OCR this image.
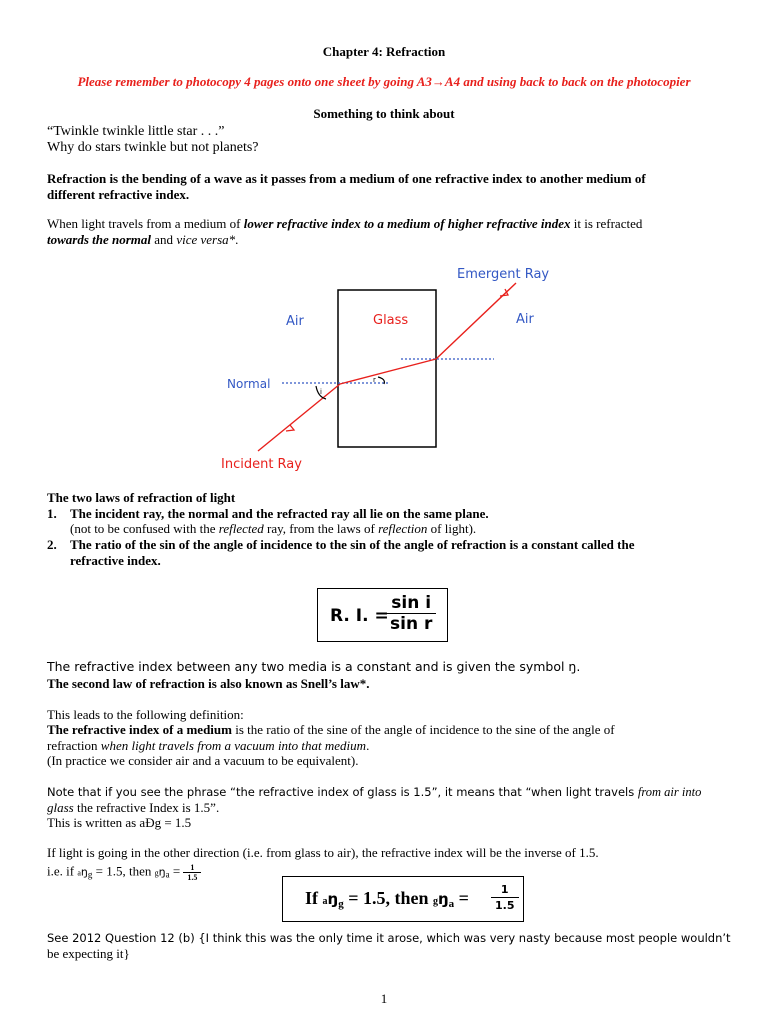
Chapter 4: Refraction
Please remember to photocopy 4 pages onto one sheet by going A3→A4 and using back to back on the photocopier
Something to think about
“Twinkle twinkle little star . . .”
Why do stars twinkle but not planets?
Refraction is the bending of a wave as it passes from a medium of one refractive index to another medium of
different refractive index.
When light travels from a medium of lower refractive index to a medium of higher refractive index it is refracted
towards the normal and vice versa*.
i
r
Emergent Ray
Air	Glass	Air
Normal
Incident Ray
The two laws of refraction of light
1. The incident ray, the normal and the refracted ray all lie on the same plane.
(not to be confused with the reflected ray, from the laws of reflection of light).
2. The ratio of the sin of the angle of incidence to the sin of the angle of refraction is a constant called the
refractive index.
R. I. =
$\frac{\text{sin i}}{\text{sin r}}$
The refractive index between any two media is a constant and is given the symbol ŋ.
The second law of refraction is also known as Snell’s law*.
This leads to the following definition:
The refractive index of a medium is the ratio of the sine of the angle of incidence to the sine of the angle of
refraction when light travels from a vacuum into that medium.
(In practice we consider air and a vacuum to be equivalent).
Note that if you see the phrase “the refractive index of glass is 1.5”, it means that “when light travels from air into
glass the refractive Index is 1.5”.
This is written as aÐg = 1.5
If light is going in the other direction (i.e. from glass to air), the refractive index will be the inverse of 1.5.
i.e. if $aŋ_g = 1.5$, then $gŋ_a = \frac{1}{1.5}$
If aŋg = 1.5, then gŋa = $\frac{1}{1.5}$
See 2012 Question 12 (b) {I think this was the only time it arose, which was very nasty because most people wouldn’t
be expecting it}
1
